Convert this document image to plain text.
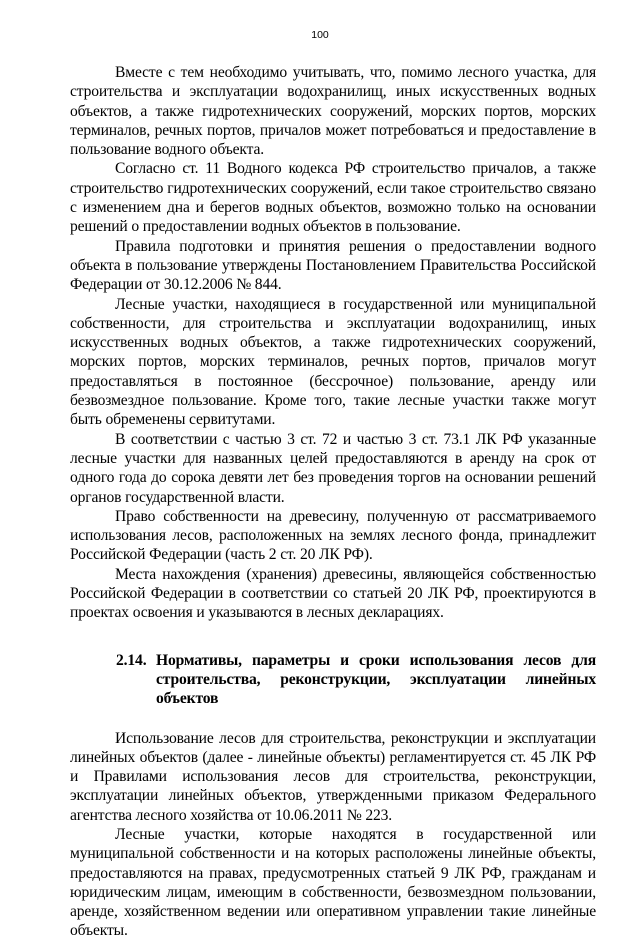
100

Вместе с тем необходимо учитывать, что, помимо лесного участка, для строительства и эксплуатации водохранилищ, иных искусственных водных объектов, а также гидротехнических сооружений, морских портов, морских терминалов, речных портов, причалов может потребоваться и предоставление в пользование водного объекта.

Согласно ст. 11 Водного кодекса РФ строительство причалов, а также строительство гидротехнических сооружений, если такое строительство связано с изменением дна и берегов водных объектов, возможно только на основании решений о предоставлении водных объектов в пользование.

Правила подготовки и принятия решения о предоставлении водного объекта в пользование утверждены Постановлением Правительства Российской Федерации от 30.12.2006 № 844.

Лесные участки, находящиеся в государственной или муниципальной собственности, для строительства и эксплуатации водохранилищ, иных искусственных водных объектов, а также гидротехнических сооружений, морских портов, морских терминалов, речных портов, причалов могут предоставляться в постоянное (бессрочное) пользование, аренду или безвозмездное пользование. Кроме того, такие лесные участки также могут быть обременены сервитутами.

В соответствии с частью 3 ст. 72 и частью 3 ст. 73.1 ЛК РФ указанные лесные участки для названных целей предоставляются в аренду на срок от одного года до сорока девяти лет без проведения торгов на основании решений органов государственной власти.

Право собственности на древесину, полученную от рассматриваемого использования лесов, расположенных на землях лесного фонда, принадлежит Российской Федерации (часть 2 ст. 20 ЛК РФ).

Места нахождения (хранения) древесины, являющейся собственностью Российской Федерации в соответствии со статьей 20 ЛК РФ, проектируются в проектах освоения и указываются в лесных декларациях.

2.14. Нормативы, параметры и сроки использования лесов для строительства, реконструкции, эксплуатации линейных объектов

Использование лесов для строительства, реконструкции и эксплуатации линейных объектов (далее - линейные объекты) регламентируется ст. 45 ЛК РФ и Правилами использования лесов для строительства, реконструкции, эксплуатации линейных объектов, утвержденными приказом Федерального агентства лесного хозяйства от 10.06.2011 № 223.

Лесные участки, которые находятся в государственной или муниципальной собственности и на которых расположены линейные объекты, предоставляются на правах, предусмотренных статьей 9 ЛК РФ, гражданам и юридическим лицам, имеющим в собственности, безвозмездном пользовании, аренде, хозяйственном ведении или оперативном управлении такие линейные объекты.
